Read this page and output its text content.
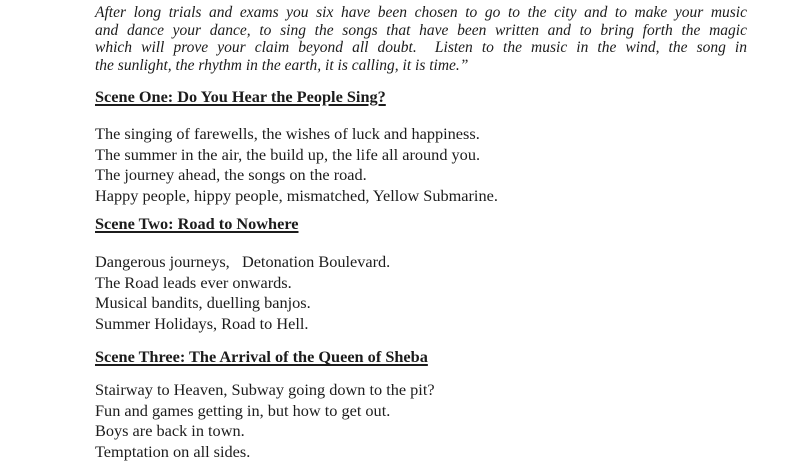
After long trials and exams you six have been chosen to go to the city and to make your music
and dance your dance, to sing the songs that have been written and to bring forth the magic
which will prove your claim beyond all doubt.  Listen to the music in the wind, the song in
the sunlight, the rhythm in the earth, it is calling, it is time.”
Scene One: Do You Hear the People Sing?
The singing of farewells, the wishes of luck and happiness.
The summer in the air, the build up, the life all around you.
The journey ahead, the songs on the road.
Happy people, hippy people, mismatched, Yellow Submarine.
Scene Two: Road to Nowhere
Dangerous journeys,   Detonation Boulevard.
The Road leads ever onwards.
Musical bandits, duelling banjos.
Summer Holidays, Road to Hell.
Scene Three: The Arrival of the Queen of Sheba
Stairway to Heaven, Subway going down to the pit?
Fun and games getting in, but how to get out.
Boys are back in town.
Temptation on all sides.
